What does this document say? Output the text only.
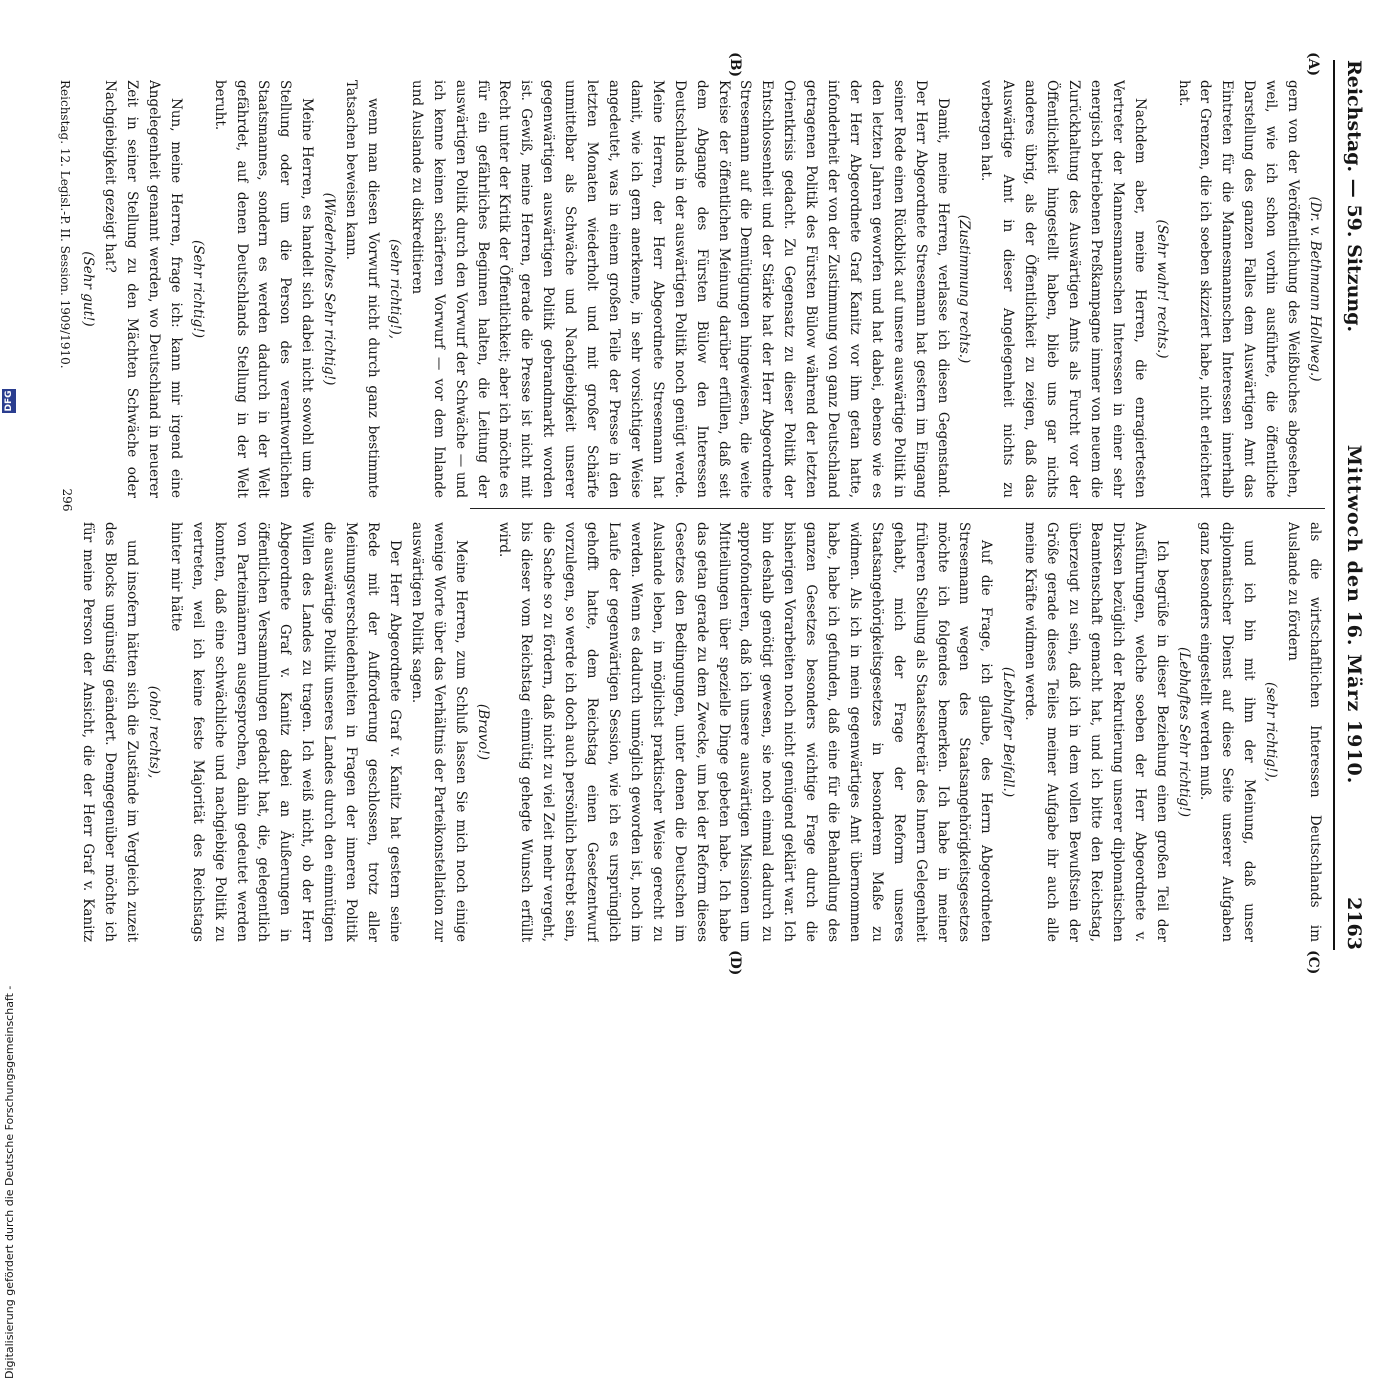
Reichstag. — 59. Sitzung.
Mittwoch den 16. März 1910.
2163
(A)
(B)
(C)
(D)

(Dr. v. Bethmann Hollweg.)

gern von der Veröffentlichung des Weißbuches abgesehen, weil, wie ich schon vorhin ausführte, die öffentliche Darstellung des ganzen Falles dem Auswärtigen Amt das Eintreten für die Mannesmannschen Interessen innerhalb der Grenzen, die ich soeben skizziert habe, nicht erleichtert hat.

(Sehr wahr! rechts.)

Nachdem aber, meine Herren, die enragiertesten Vertreter der Mannesmannschen Interessen in einer sehr energisch betriebenen Preßkampagne immer von neuem die Zurückhaltung des Auswärtigen Amts als Furcht vor der Öffentlichkeit hingestellt haben, blieb uns gar nichts anderes übrig, als der Öffentlichkeit zu zeigen, daß das Auswärtige Amt in dieser Angelegenheit nichts zu verbergen hat.

(Zustimmung rechts.)

Damit, meine Herren, verlasse ich diesen Gegenstand. Der Herr Abgeordnete Stresemann hat gestern im Eingang seiner Rede einen Rückblick auf unsere auswärtige Politik in den letzten Jahren geworfen und hat dabei, ebenso wie es der Herr Abgeordnete Graf Kanitz vor ihm getan hatte, infonderheit der von der Zustimmung von ganz Deutschland getragenen Politik des Fürsten Bülow während der letzten Orientkrisis gedacht. Zu Gegensatz zu dieser Politik der Entschlossenheit und der Stärke hat der Herr Abgeordnete Stresemann auf die Demütigungen hingewiesen, die weite Kreise der öffentlichen Meinung darüber erfüllen, daß seit dem Abgange des Fürsten Bülow den Interessen Deutschlands in der auswärtigen Politik noch genügt werde. Meine Herren, der Herr Abgeordnete Stresemann hat damit, wie ich gern anerkenne, in sehr vorsichtiger Weise angedeutet, was in einem großen Teile der Presse in den letzten Monaten wiederholt und mit großer Schärfe unmittelbar als Schwäche und Nachgiebigkeit unserer gegenwärtigen auswärtigen Politik gebrandmarkt worden ist. Gewiß, meine Herren, gerade die Presse ist nicht mit Recht unter der Kritik der Öffentlichkeit; aber ich möchte es für ein gefährliches Beginnen halten, die Leitung der auswärtigen Politik durch den Vorwurf der Schwäche — und ich kenne keinen schärferen Vorwurf — vor dem Inlande und Auslande zu diskreditieren

(sehr richtig!),

wenn man diesen Vorwurf nicht durch ganz bestimmte Tatsachen beweisen kann.

(Wiederholtes Sehr richtig!)

Meine Herren, es handelt sich dabei nicht sowohl um die Stellung oder um die Person des verantwortlichen Staatsmannes, sondern es werden dadurch in der Welt gefährdet, auf denen Deutschlands Stellung in der Welt beruht.

(Sehr richtig!)

Nun, meine Herren, frage ich: kann mir irgend eine Angelegenheit genannt werden, wo Deutschland in neuerer Zeit in seiner Stellung zu den Mächten Schwäche oder Nachgiebigkeit gezeigt hat?

(Sehr gut!)

als die wirtschaftlichen Interessen Deutschlands im Auslande zu fördern

(sehr richtig!),

und ich bin mit ihm der Meinung, daß unser diplomatischer Dienst auf diese Seite unserer Aufgaben ganz besonders eingestellt werden muß.

(Lebhaftes Sehr richtig!)

Ich begrüße in dieser Beziehung einen großen Teil der Ausführungen, welche soeben der Herr Abgeordnete v. Dirksen bezüglich der Rekrutierung unserer diplomatischen Beamtenschaft gemacht hat, und ich bitte den Reichstag, überzeugt zu sein, daß ich in dem vollen Bewußtsein der Größe gerade dieses Teiles meiner Aufgabe ihr auch alle meine Kräfte widmen werde.

(Lebhafter Beifall.)

Auf die Frage, ich glaube, des Herrn Abgeordneten Stresemann wegen des Staatsangehörigkeitsgesetzes möchte ich folgendes bemerken. Ich habe in meiner früheren Stellung als Staatssekretär des Innern Gelegenheit gehabt, mich der Frage der Reform unseres Staatsangehörigkeitsgesetzes in besonderem Maße zu widmen. Als ich in mein gegenwärtiges Amt übernommen habe, habe ich gefunden, daß eine für die Behandlung des ganzen Gesetzes besonders wichtige Frage durch die bisherigen Vorarbeiten noch nicht genügend geklärt war. Ich bin deshalb genötigt gewesen, sie noch einmal dadurch zu approfondieren, daß ich unsere auswärtigen Missionen um Mitteilungen über spezielle Dinge gebeten habe. Ich habe das getan gerade zu dem Zwecke, um bei der Reform dieses Gesetzes den Bedingungen, unter denen die Deutschen im Auslande leben, in möglichst praktischer Weise gerecht zu werden. Wenn es dadurch unmöglich geworden ist, noch im Laufe der gegenwärtigen Session, wie ich es ursprünglich gehofft hatte, dem Reichstag einen Gesetzentwurf vorzulegen, so werde ich doch auch persönlich bestrebt sein, die Sache so zu fördern, daß nicht zu viel Zeit mehr vergeht, bis dieser vom Reichstag einmütig gehegte Wunsch erfüllt wird.

(Bravo!)

Meine Herren, zum Schluß lassen Sie mich noch einige wenige Worte über das Verhältnis der Parteikonstellation zur auswärtigen Politik sagen.

Der Herr Abgeordnete Graf v. Kanitz hat gestern seine Rede mit der Aufforderung geschlossen, trotz aller Meinungsverschiedenheiten in Fragen der inneren Politik die auswärtige Politik unseres Landes durch den einmütigen Willen des Landes zu tragen. Ich weiß nicht, ob der Herr Abgeordnete Graf v. Kanitz dabei an Äußerungen in öffentlichen Versammlungen gedacht hat, die, gelegentlich von Parteimännern ausgesprochen, dahin gedeutet werden konnten, daß eine schwächliche und nachgiebige Politik zu vertreten, weil ich keine feste Majorität des Reichstags hinter mir hätte

(oho! rechts),

und insofern hätten sich die Zustände im Vergleich zuzeit des Blocks ungünstig geändert. Demgegenüber möchte ich für meine Person der Ansicht, die der Herr Graf v. Kanitz

Reichstag. 12. Legisl.-P. II. Session. 1909/1910.
296
Digitalisierung gefördert durch die Deutsche Forschungsgemeinschaft -
DFG
